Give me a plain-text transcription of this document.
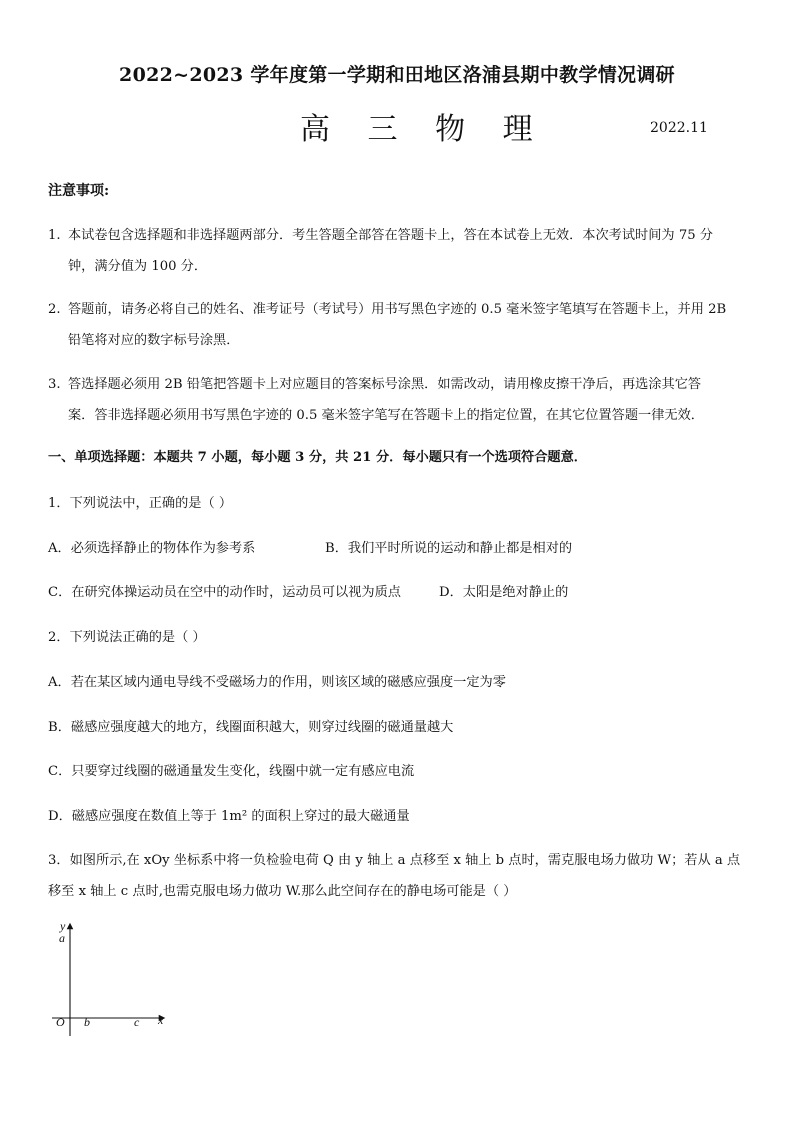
2022~2023 学年度第一学期和田地区洛浦县期中教学情况调研
高 三 物 理	2022.11
注意事项:
1. 本试卷包含选择题和非选择题两部分．考生答题全部答在答题卡上，答在本试卷上无效．本次考试时间为 75 分
钟，满分值为 100 分．
2. 答题前，请务必将自己的姓名、准考证号（考试号）用书写黑色字迹的 0.5 毫米签字笔填写在答题卡上，并用 2B
铅笔将对应的数字标号涂黑．
3. 答选择题必须用 2B 铅笔把答题卡上对应题目的答案标号涂黑．如需改动，请用橡皮擦干净后，再选涂其它答
案．答非选择题必须用书写黑色字迹的 0.5 毫米签字笔写在答题卡上的指定位置，在其它位置答题一律无效．
一、单项选择题：本题共 7 小题，每小题 3 分，共 21 分．每小题只有一个选项符合题意．
1．下列说法中，正确的是（ ）
A．必须选择静止的物体作为参考系	B．我们平时所说的运动和静止都是相对的
C．在研究体操运动员在空中的动作时，运动员可以视为质点	D．太阳是绝对静止的
2．下列说法正确的是（ ）
A．若在某区域内通电导线不受磁场力的作用，则该区域的磁感应强度一定为零
B．磁感应强度越大的地方，线圈面积越大，则穿过线圈的磁通量越大
C．只要穿过线圈的磁通量发生变化，线圈中就一定有感应电流
D．磁感应强度在数值上等于 1m² 的面积上穿过的最大磁通量
3．如图所示,在 xOy 坐标系中将一负检验电荷 Q 由 y 轴上 a 点移至 x 轴上 b 点时，需克服电场力做功 W；若从 a 点
移至 x 轴上 c 点时,也需克服电场力做功 W.那么此空间存在的静电场可能是（ ）
y
a
O b	c x
